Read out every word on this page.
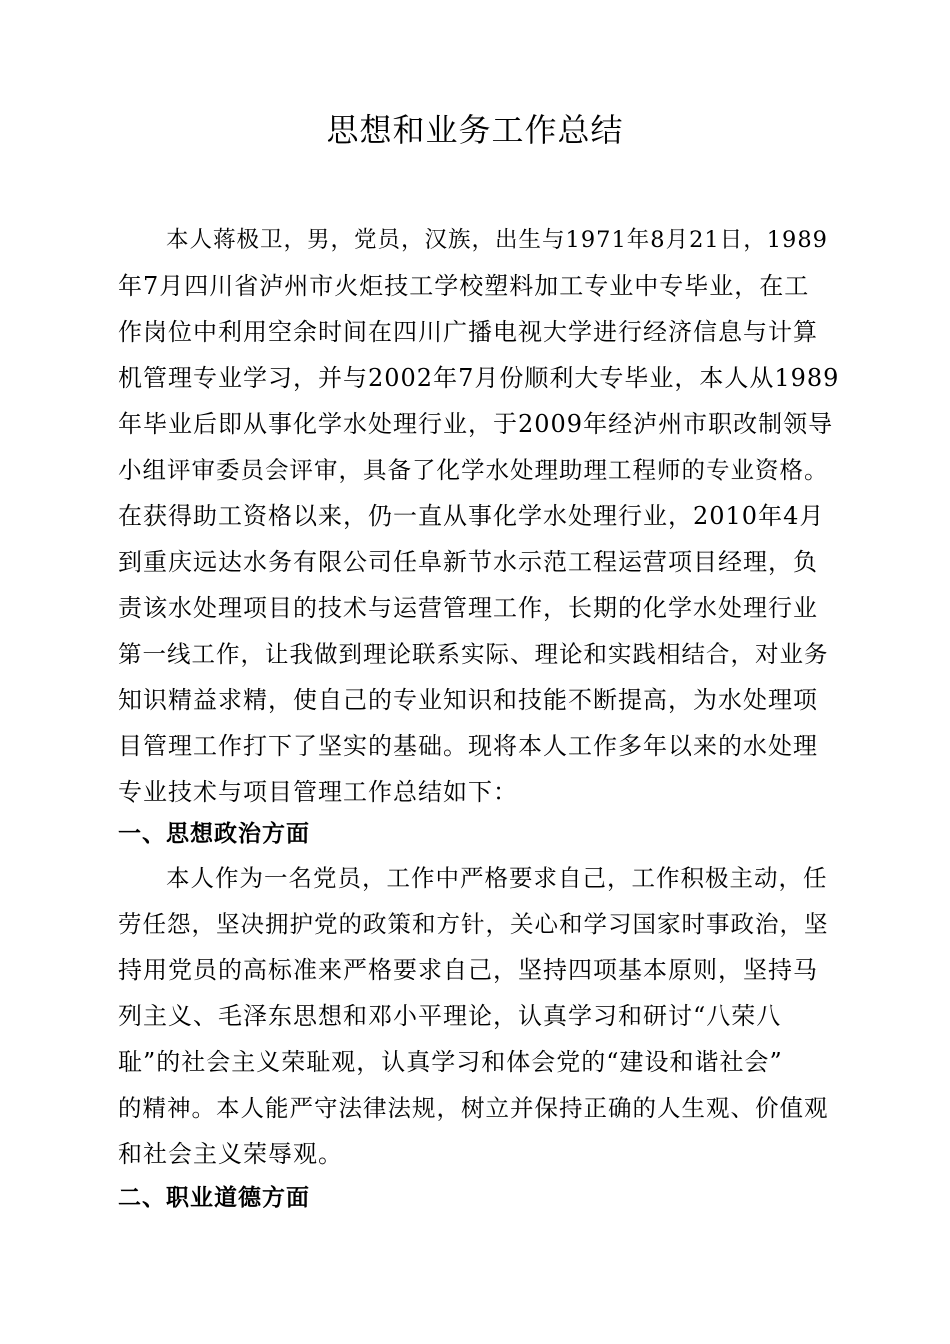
思想和业务工作总结
本人蒋极卫，男，党员，汉族，出生与1971年8月21日，1989
年7月四川省泸州市火炬技工学校塑料加工专业中专毕业，在工
作岗位中利用空余时间在四川广播电视大学进行经济信息与计算
机管理专业学习，并与2002年7月份顺利大专毕业，本人从1989
年毕业后即从事化学水处理行业，于2009年经泸州市职改制领导
小组评审委员会评审，具备了化学水处理助理工程师的专业资格。
在获得助工资格以来，仍一直从事化学水处理行业，2010年4月
到重庆远达水务有限公司任阜新节水示范工程运营项目经理，负
责该水处理项目的技术与运营管理工作，长期的化学水处理行业
第一线工作，让我做到理论联系实际、理论和实践相结合，对业务
知识精益求精，使自己的专业知识和技能不断提高，为水处理项
目管理工作打下了坚实的基础。现将本人工作多年以来的水处理
专业技术与项目管理工作总结如下：
一、思想政治方面
本人作为一名党员，工作中严格要求自己，工作积极主动，任
劳任怨，坚决拥护党的政策和方针，关心和学习国家时事政治，坚
持用党员的高标准来严格要求自己，坚持四项基本原则，坚持马
列主义、毛泽东思想和邓小平理论，认真学习和研讨“八荣八
耻”的社会主义荣耻观，认真学习和体会党的“建设和谐社会”
的精神。本人能严守法律法规，树立并保持正确的人生观、价值观
和社会主义荣辱观。
二、职业道德方面
